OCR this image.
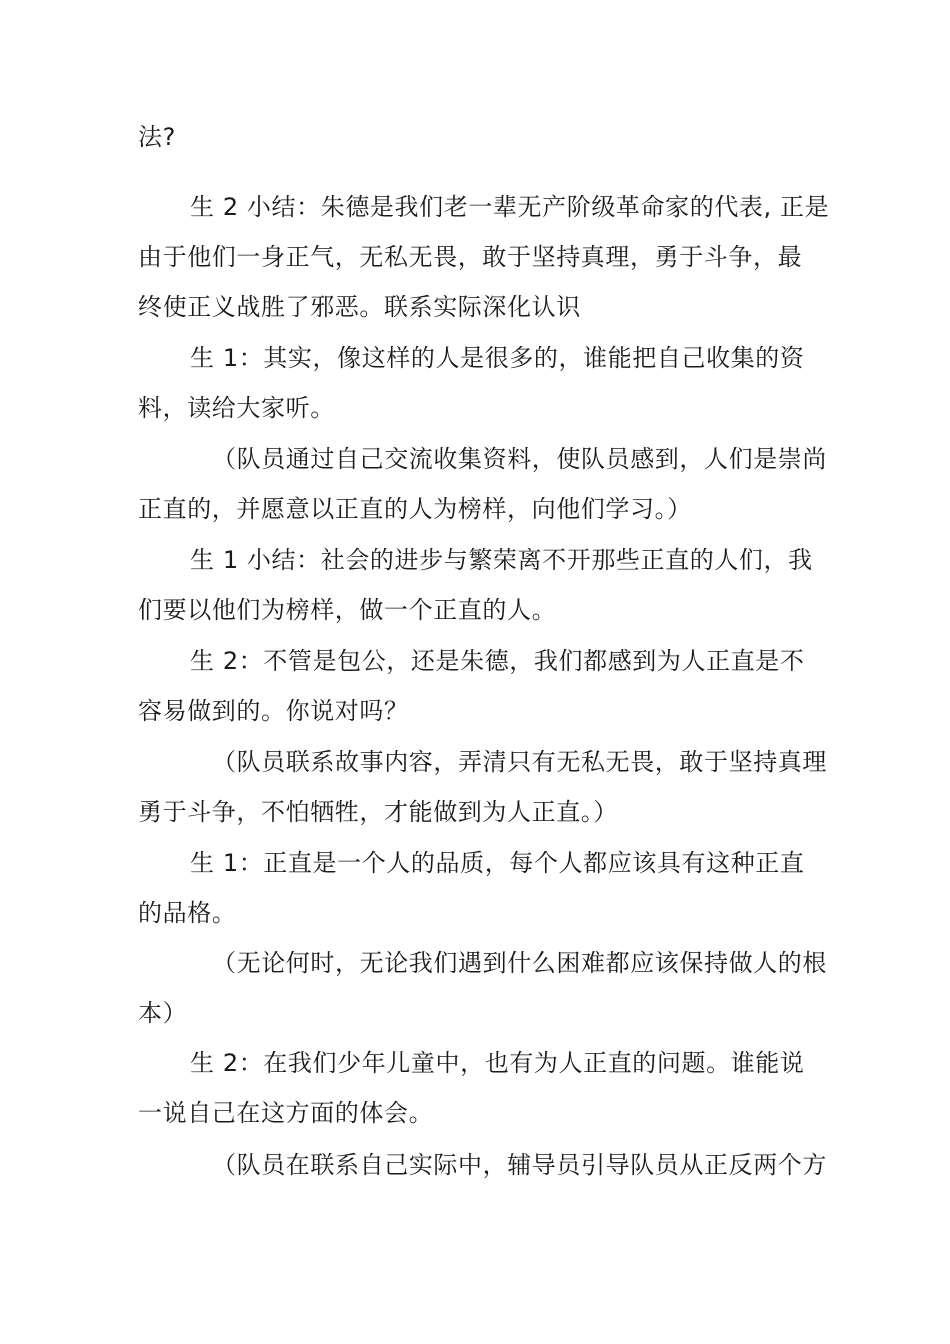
法?
生 2 小结：朱德是我们老一辈无产阶级革命家的代表, 正是
由于他们一身正气，无私无畏，敢于坚持真理，勇于斗争，最
终使正义战胜了邪恶。联系实际深化认识
生 1：其实，像这样的人是很多的，谁能把自己收集的资
料，读给大家听。
（队员通过自己交流收集资料，使队员感到，人们是崇尚
正直的，并愿意以正直的人为榜样，向他们学习。）
生 1 小结：社会的进步与繁荣离不开那些正直的人们，我
们要以他们为榜样，做一个正直的人。
生 2：不管是包公，还是朱德，我们都感到为人正直是不
容易做到的。你说对吗？
（队员联系故事内容，弄清只有无私无畏，敢于坚持真理
勇于斗争，不怕牺牲，才能做到为人正直。）
生 1：正直是一个人的品质，每个人都应该具有这种正直
的品格。
（无论何时，无论我们遇到什么困难都应该保持做人的根
本）
生 2：在我们少年儿童中，也有为人正直的问题。谁能说
一说自己在这方面的体会。
（队员在联系自己实际中，辅导员引导队员从正反两个方
